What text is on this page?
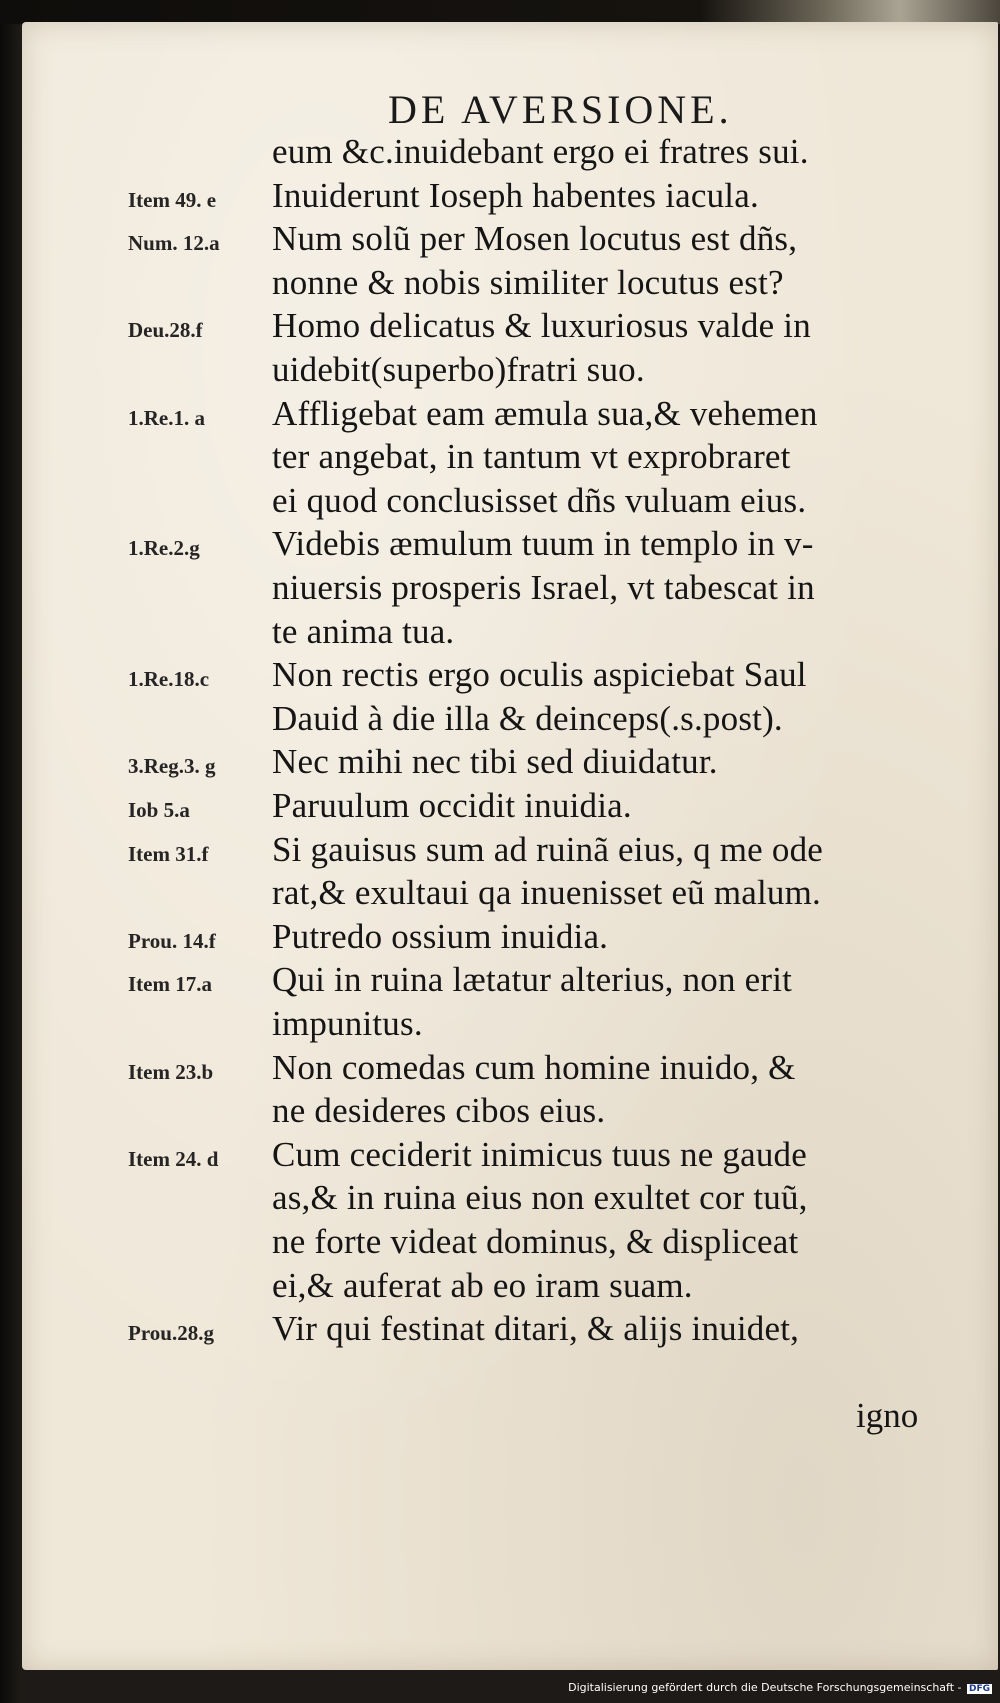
DE AVERSIONE.
eum &c.inuidebant ergo ei fratres sui.
Item 49. e Inuiderunt Ioseph habentes iacula.
Num. 12.a Num solũ per Mosen locutus est dñs,
nonne & nobis similiter locutus est?
Deu.28.f Homo delicatus & luxuriosus valde in
uidebit(superbo)fratri suo.
1.Re.1. a Affligebat eam æmula sua,& vehemen
ter angebat, in tantum vt exprobraret
ei quod conclusisset dñs vuluam eius.
1.Re.2.g Videbis æmulum tuum in templo in v-
niuersis prosperis Israel, vt tabescat in
te anima tua.
1.Re.18.c Non rectis ergo oculis aspiciebat Saul
Dauid à die illa & deinceps(.s.post).
3.Reg.3. g Nec mihi nec tibi sed diuidatur.
Iob 5.a Paruulum occidit inuidia.
Item 31.f Si gauisus sum ad ruinã eius, q me ode
rat,& exultaui qa inuenisset eũ malum.
Prou. 14.f Putredo ossium inuidia.
Item 17.a Qui in ruina lætatur alterius, non erit
impunitus.
Item 23.b Non comedas cum homine inuido, &
ne desideres cibos eius.
Item 24. d Cum ceciderit inimicus tuus ne gaude
as,& in ruina eius non exultet cor tuũ,
ne forte videat dominus, & displiceat
ei,& auferat ab eo iram suam.
Prou.28.g Vir qui festinat ditari, & alijs inuidet,
igno
Digitalisierung gefördert durch die Deutsche Forschungsgemeinschaft - DFG
